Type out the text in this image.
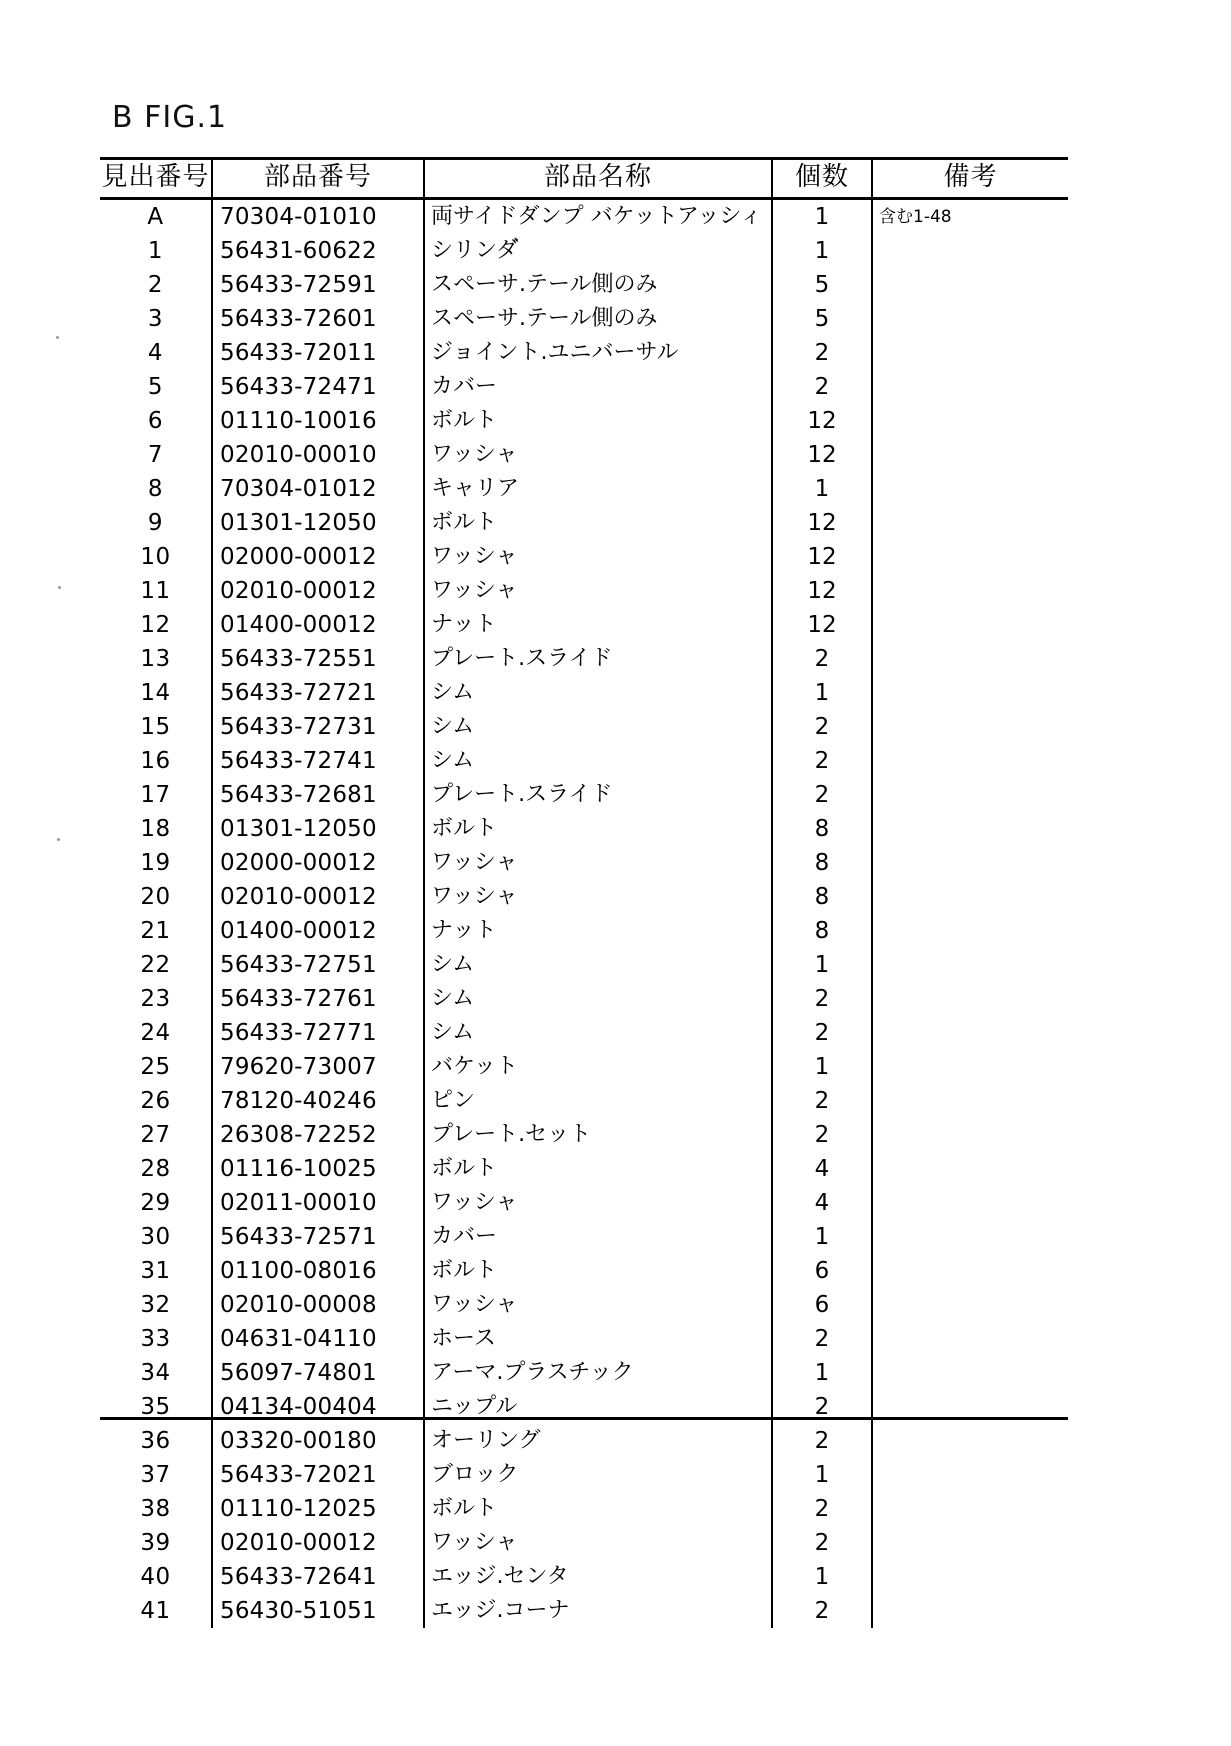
B FIG.1
見出番号	部品番号	部品名称	個数	備考
A	70304-01010	両サイドダンプ バケットアッシィ	1	含む1-48
1	56431-60622	シリンダ゙	1	
2	56433-72591	スペーサ.テール側のみ	5	
3	56433-72601	スペーサ.テール側のみ	5	
4	56433-72011	ジョイント.ユニバーサル	2	
5	56433-72471	カバー	2	
6	01110-10016	ボルト	12	
7	02010-00010	ワッシャ	12	
8	70304-01012	キャリア	1	
9	01301-12050	ボルト	12	
10	02000-00012	ワッシャ	12	
11	02010-00012	ワッシャ	12	
12	01400-00012	ナット	12	
13	56433-72551	プレート.スライド	2	
14	56433-72721	シム	1	
15	56433-72731	シム	2	
16	56433-72741	シム	2	
17	56433-72681	プレート.スライド	2	
18	01301-12050	ボルト	8	
19	02000-00012	ワッシャ	8	
20	02010-00012	ワッシャ	8	
21	01400-00012	ナット	8	
22	56433-72751	シム	1	
23	56433-72761	シム	2	
24	56433-72771	シム	2	
25	79620-73007	バケット	1	
26	78120-40246	ピン	2	
27	26308-72252	プレート.セット	2	
28	01116-10025	ボルト	4	
29	02011-00010	ワッシャ	4	
30	56433-72571	カバー	1	
31	01100-08016	ボルト	6	
32	02010-00008	ワッシャ	6	
33	04631-04110	ホース	2	
34	56097-74801	アーマ.プラスチック	1	
35	04134-00404	ニップル	2	
36	03320-00180	オーリング	2	
37	56433-72021	ブロック	1	
38	01110-12025	ボルト	2	
39	02010-00012	ワッシャ	2	
40	56433-72641	エッジ.センタ	1	
41	56430-51051	エッジ.コーナ	2	
